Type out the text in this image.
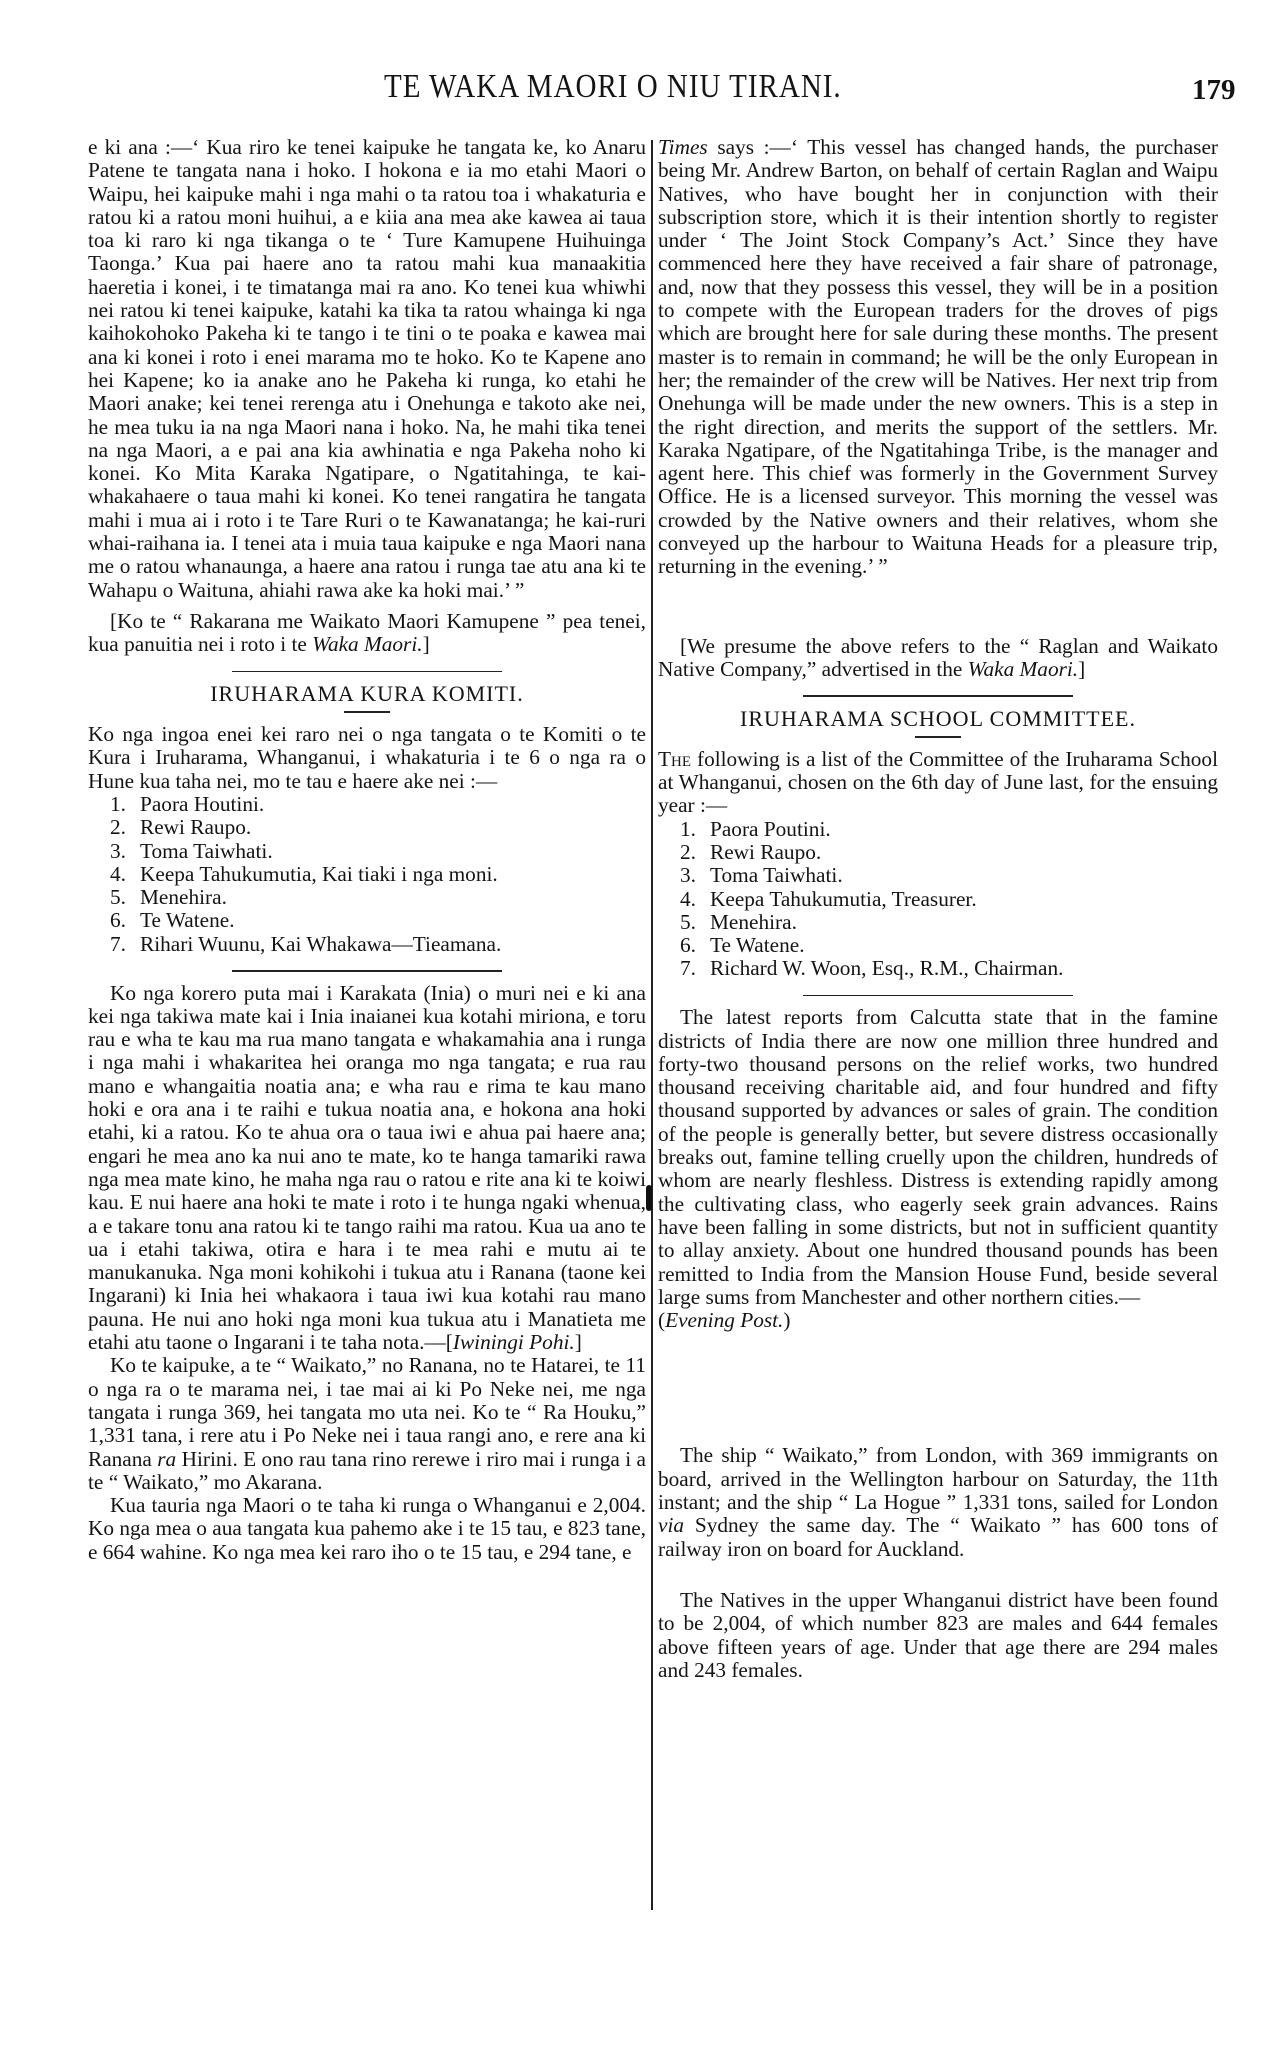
TE WAKA MAORI O NIU TIRANI.	179

e ki ana :—‘ Kua riro ke tenei kaipuke he tangata ke, ko Anaru Patene te tangata nana i hoko. I hokona e ia mo etahi Maori o Waipu, hei kaipuke mahi i nga mahi o ta ratou toa i whakaturia e ratou ki a ratou moni huihui, a e kiia ana mea ake kawea ai taua toa ki raro ki nga tikanga o te ‘ Ture Kamupene Huihuinga Taonga.’ Kua pai haere ano ta ratou mahi kua manaakitia haeretia i konei, i te timatanga mai ra ano. Ko tenei kua whiwhi nei ratou ki tenei kaipuke, katahi ka tika ta ratou whainga ki nga kaihokohoko Pakeha ki te tango i te tini o te poaka e kawea mai ana ki konei i roto i enei marama mo te hoko. Ko te Kapene ano hei Kapene; ko ia anake ano he Pakeha ki runga, ko etahi he Maori anake; kei tenei rerenga atu i Onehunga e takoto ake nei, he mea tuku ia na nga Maori nana i hoko. Na, he mahi tika tenei na nga Maori, a e pai ana kia awhinatia e nga Pakeha noho ki konei. Ko Mita Karaka Ngatipare, o Ngatitahinga, te kai-whakahaere o taua mahi ki konei. Ko tenei rangatira he tangata mahi i mua ai i roto i te Tare Ruri o te Kawanatanga; he kai-ruri whai-raihana ia. I tenei ata i muia taua kaipuke e nga Maori nana me o ratou whanaunga, a haere ana ratou i runga tae atu ana ki te Wahapu o Waituna, ahiahi rawa ake ka hoki mai.’ ”

[Ko te “ Rakarana me Waikato Maori Kamupene ” pea tenei, kua panuitia nei i roto i te Waka Maori.]

IRUHARAMA KURA KOMITI.

Ko nga ingoa enei kei raro nei o nga tangata o te Komiti o te Kura i Iruharama, Whanganui, i whakaturia i te 6 o nga ra o Hune kua taha nei, mo te tau e haere ake nei :—

1. Paora Houtini.
2. Rewi Raupo.
3. Toma Taiwhati.
4. Keepa Tahukumutia, Kai tiaki i nga moni.
5. Menehira.
6. Te Watene.
7. Rihari Wuunu, Kai Whakawa—Tieamana.

Ko nga korero puta mai i Karakata (Inia) o muri nei e ki ana kei nga takiwa mate kai i Inia inaianei kua kotahi miriona, e toru rau e wha te kau ma rua mano tangata e whakamahia ana i runga i nga mahi i whakaritea hei oranga mo nga tangata; e rua rau mano e whangaitia noatia ana; e wha rau e rima te kau mano hoki e ora ana i te raihi e tukua noatia ana, e hokona ana hoki etahi, ki a ratou. Ko te ahua ora o taua iwi e ahua pai haere ana; engari he mea ano ka nui ano te mate, ko te hanga tamariki rawa nga mea mate kino, he maha nga rau o ratou e rite ana ki te koiwi kau. E nui haere ana hoki te mate i roto i te hunga ngaki whenua, a e takare tonu ana ratou ki te tango raihi ma ratou. Kua ua ano te ua i etahi takiwa, otira e hara i te mea rahi e mutu ai te manukanuka. Nga moni kohikohi i tukua atu i Ranana (taone kei Ingarani) ki Inia hei whakaora i taua iwi kua kotahi rau mano pauna. He nui ano hoki nga moni kua tukua atu i Manatieta me etahi atu taone o Ingarani i te taha nota.—[Iwiningi Pohi.]

Ko te kaipuke, a te “ Waikato,” no Ranana, no te Hatarei, te 11 o nga ra o te marama nei, i tae mai ai ki Po Neke nei, me nga tangata i runga 369, hei tangata mo uta nei. Ko te “ Ra Houku,” 1,331 tana, i rere atu i Po Neke nei i taua rangi ano, e rere ana ki Ranana ra Hirini. E ono rau tana rino rerewe i riro mai i runga i a te “ Waikato,” mo Akarana.

Kua tauria nga Maori o te taha ki runga o Whanganui e 2,004. Ko nga mea o aua tangata kua pahemo ake i te 15 tau, e 823 tane, e 664 wahine. Ko nga mea kei raro iho o te 15 tau, e 294 tane, e

Times says :—‘ This vessel has changed hands, the purchaser being Mr. Andrew Barton, on behalf of certain Raglan and Waipu Natives, who have bought her in conjunction with their subscription store, which it is their intention shortly to register under ‘ The Joint Stock Company’s Act.’ Since they have commenced here they have received a fair share of patronage, and, now that they possess this vessel, they will be in a position to compete with the European traders for the droves of pigs which are brought here for sale during these months. The present master is to remain in command; he will be the only European in her; the remainder of the crew will be Natives. Her next trip from Onehunga will be made under the new owners. This is a step in the right direction, and merits the support of the settlers. Mr. Karaka Ngatipare, of the Ngatitahinga Tribe, is the manager and agent here. This chief was formerly in the Government Survey Office. He is a licensed surveyor. This morning the vessel was crowded by the Native owners and their relatives, whom she conveyed up the harbour to Waituna Heads for a pleasure trip, returning in the evening.’ ”

[We presume the above refers to the “ Raglan and Waikato Native Company,” advertised in the Waka Maori.]

IRUHARAMA SCHOOL COMMITTEE.

The following is a list of the Committee of the Iruharama School at Whanganui, chosen on the 6th day of June last, for the ensuing year :—

1. Paora Poutini.
2. Rewi Raupo.
3. Toma Taiwhati.
4. Keepa Tahukumutia, Treasurer.
5. Menehira.
6. Te Watene.
7. Richard W. Woon, Esq., R.M., Chairman.

The latest reports from Calcutta state that in the famine districts of India there are now one million three hundred and forty-two thousand persons on the relief works, two hundred thousand receiving charitable aid, and four hundred and fifty thousand supported by advances or sales of grain. The condition of the people is generally better, but severe distress occasionally breaks out, famine telling cruelly upon the children, hundreds of whom are nearly fleshless. Distress is extending rapidly among the cultivating class, who eagerly seek grain advances. Rains have been falling in some districts, but not in sufficient quantity to allay anxiety. About one hundred thousand pounds has been remitted to India from the Mansion House Fund, beside several large sums from Manchester and other northern cities.—

(Evening Post.)

The ship “ Waikato,” from London, with 369 immigrants on board, arrived in the Wellington harbour on Saturday, the 11th instant; and the ship “ La Hogue ” 1,331 tons, sailed for London via Sydney the same day. The “ Waikato ” has 600 tons of railway iron on board for Auckland.

The Natives in the upper Whanganui district have been found to be 2,004, of which number 823 are males and 644 females above fifteen years of age. Under that age there are 294 males and 243 females.
